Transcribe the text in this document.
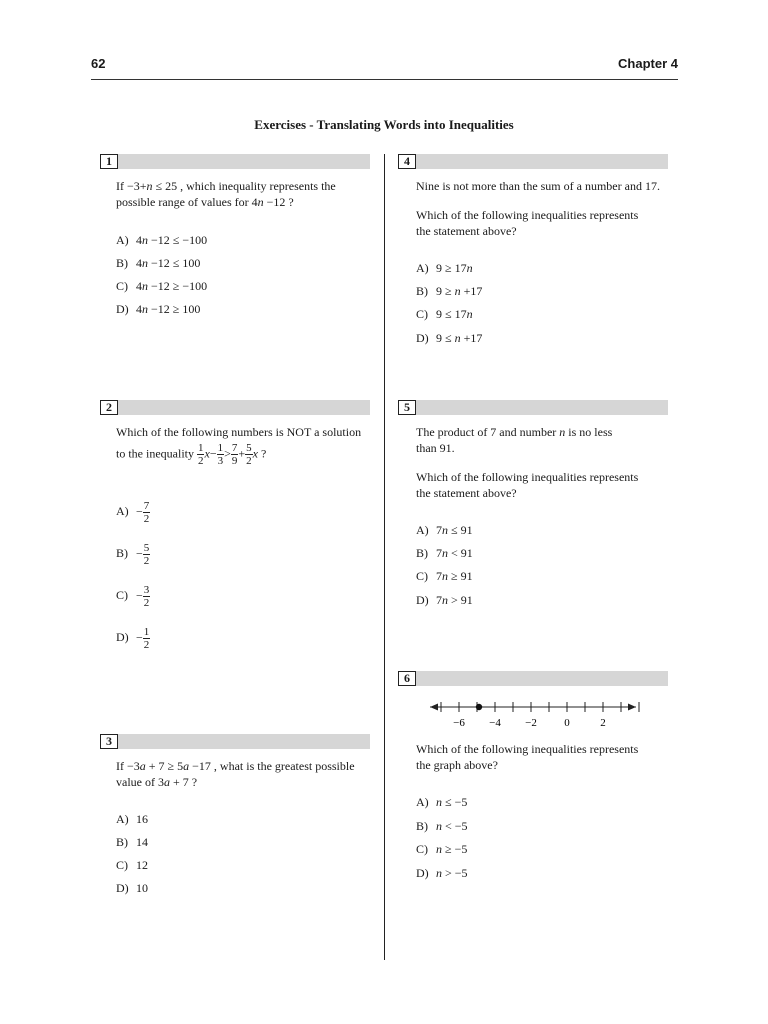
62	Chapter 4
Exercises - Translating Words into Inequalities
1
If −3+n ≤ 25 , which inequality represents the
possible range of values for 4n −12 ?
A) 4n −12 ≤ −100
B) 4n −12 ≤ 100
C) 4n −12 ≥ −100
D) 4n −12 ≥ 100
2
Which of the following numbers is NOT a solution
to the inequality $\frac{1}{2} x- \frac{1}{3} > \frac{7}{9} + \frac{5}{2}$ x ?
$A) - \frac{7}{2}$
$B) - \frac{5}{2}$
$C) - \frac{3}{2}$
$D) - \frac{1}{2}$
3
If −3a + 7 ≥ 5a −17 , what is the greatest possible
value of 3a + 7 ?
A) 16
B) 14
C) 12
D) 10
4
Nine is not more than the sum of a number and 17.
Which of the following inequalities represents
the statement above?
A) 9 ≥ 17n
B) 9 ≥ n +17
C) 9 ≤ 17n
D) 9 ≤ n +17
5
The product of 7 and number n is no less
than 91.
Which of the following inequalities represents
the statement above?
A) 7n ≤ 91
B) 7n < 91
C) 7n ≥ 91
D) 7n > 91
6
−6 −4 −2 0	2
Which of the following inequalities represents
the graph above?
A) n ≤ −5
B) n < −5
C) n ≥ −5
D) n > −5
